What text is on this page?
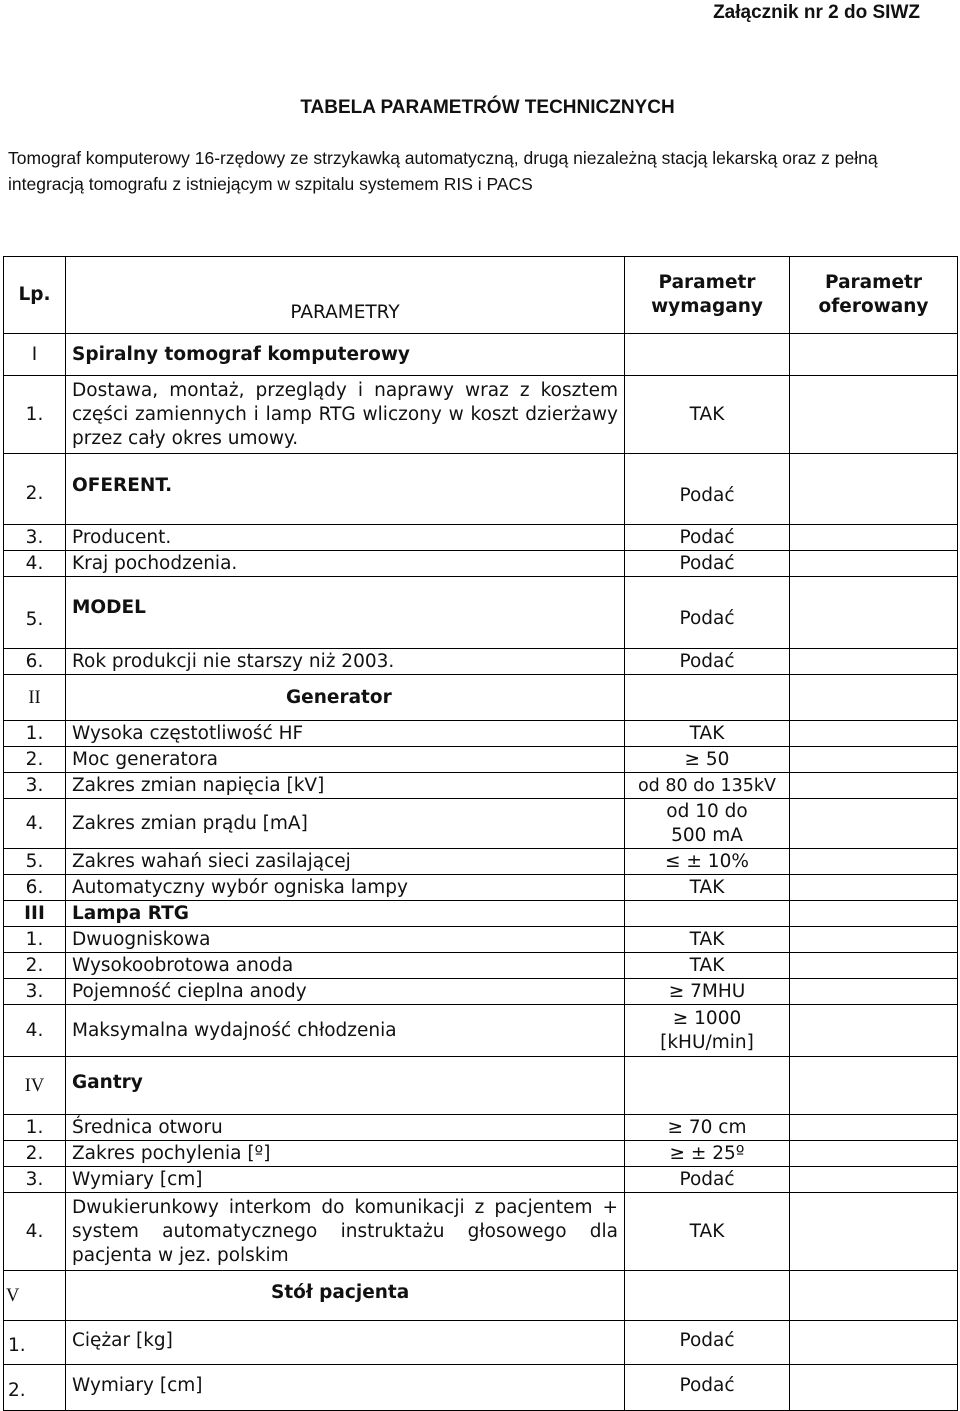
Załącznik nr 2 do SIWZ
TABELA PARAMETRÓW TECHNICZNYCH
Tomograf komputerowy 16-rzędowy ze strzykawką automatyczną, drugą niezależną stacją lekarską oraz z pełną integracją tomografu z istniejącym w szpitalu systemem RIS i PACS
Lp.	PARAMETRY	Parametr wymagany	Parametr oferowany
I	Spiralny tomograf komputerowy		
1.	Dostawa, montaż, przeglądy i naprawy wraz z kosztem części zamiennych i lamp RTG wliczony w koszt dzierżawy przez cały okres umowy.	TAK	
2.	OFERENT.	Podać	
3.	Producent.	Podać	
4.	Kraj pochodzenia.	Podać	
5.	MODEL	Podać	
6.	Rok produkcji nie starszy niż 2003.	Podać	
II	Generator		
1.	Wysoka częstotliwość HF	TAK	
2.	Moc generatora	≥ 50	
3.	Zakres zmian napięcia [kV]	od 80 do 135kV	
4.	Zakres zmian prądu [mA]	od 10 do 500 mA	
5.	Zakres wahań sieci zasilającej	≤ ± 10%	
6.	Automatyczny wybór ogniska lampy	TAK	
III	Lampa RTG		
1.	Dwuogniskowa	TAK	
2.	Wysokoobrotowa anoda	TAK	
3.	Pojemność cieplna anody	≥ 7MHU	
4.	Maksymalna wydajność chłodzenia	≥ 1000 [kHU/min]	
IV	Gantry		
1.	Średnica otworu	≥ 70 cm	
2.	Zakres pochylenia [º]	≥ ± 25º	
3.	Wymiary [cm]	Podać	
4.	Dwukierunkowy interkom do komunikacji z pacjentem + system automatycznego instruktażu głosowego dla pacjenta w jez. polskim	TAK	
V	Stół pacjenta		
1.	Ciężar [kg]	Podać	
2.	Wymiary [cm]	Podać	
